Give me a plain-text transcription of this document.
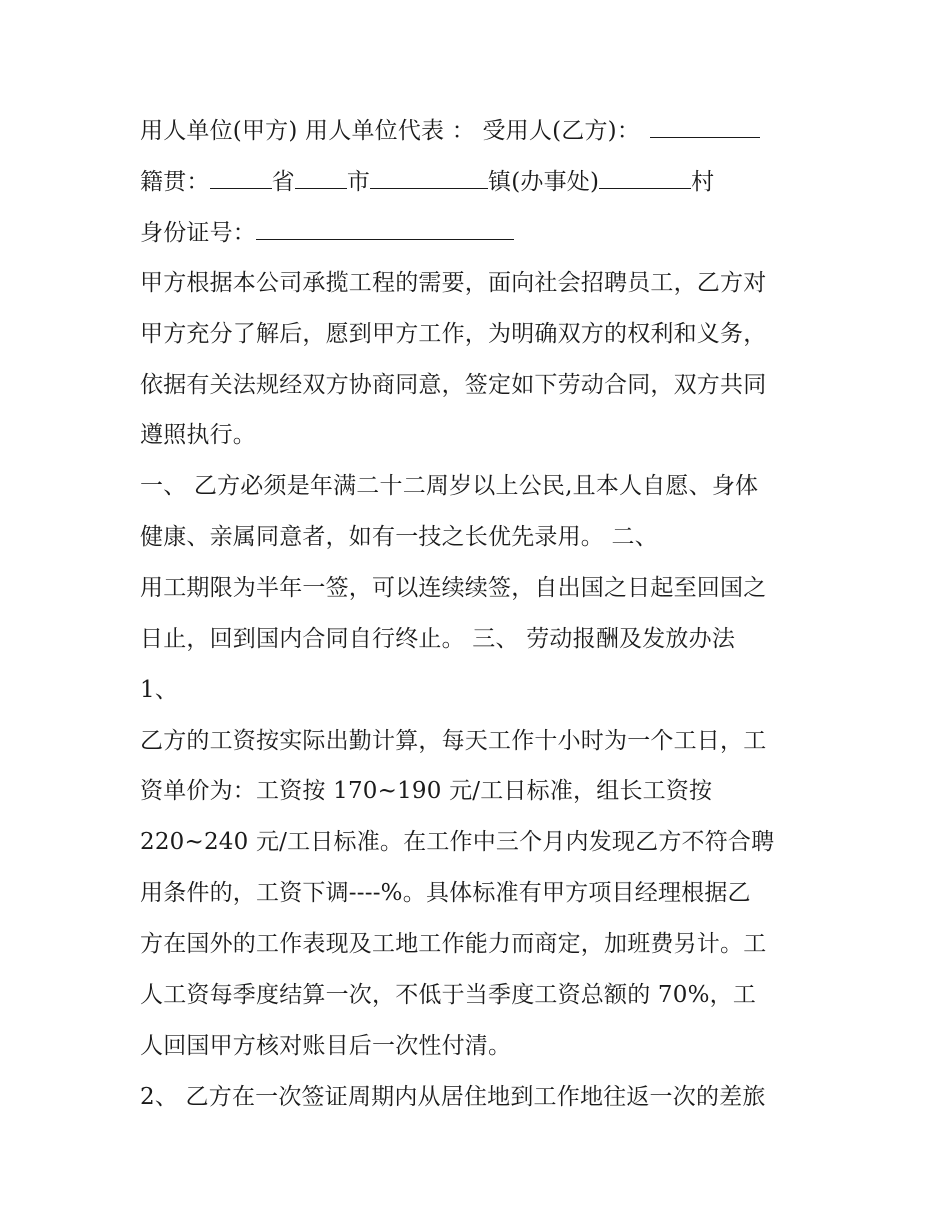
用人单位(甲方) 用人单位代表 ： 受用人(乙方)：
籍贯：	省 市	镇(办事处)	村
身份证号：
甲方根据本公司承揽工程的需要，面向社会招聘员工，乙方对
甲方充分了解后，愿到甲方工作，为明确双方的权利和义务，
依据有关法规经双方协商同意，签定如下劳动合同，双方共同
遵照执行。
一、 乙方必须是年满二十二周岁以上公民,且本人自愿、身体
健康、亲属同意者，如有一技之长优先录用。 二、
用工期限为半年一签，可以连续续签，自出国之日起至回国之
日止，回到国内合同自行终止。 三、 劳动报酬及发放办法
1、
乙方的工资按实际出勤计算，每天工作十小时为一个工日，工
资单价为：工资按 170~190 元/工日标准，组长工资按
220~240 元/工日标准。在工作中三个月内发现乙方不符合聘
用条件的，工资下调----%。具体标准有甲方项目经理根据乙
方在国外的工作表现及工地工作能力而商定，加班费另计。工
人工资每季度结算一次，不低于当季度工资总额的 70%，工
人回国甲方核对账目后一次性付清。
2、 乙方在一次签证周期内从居住地到工作地往返一次的差旅
